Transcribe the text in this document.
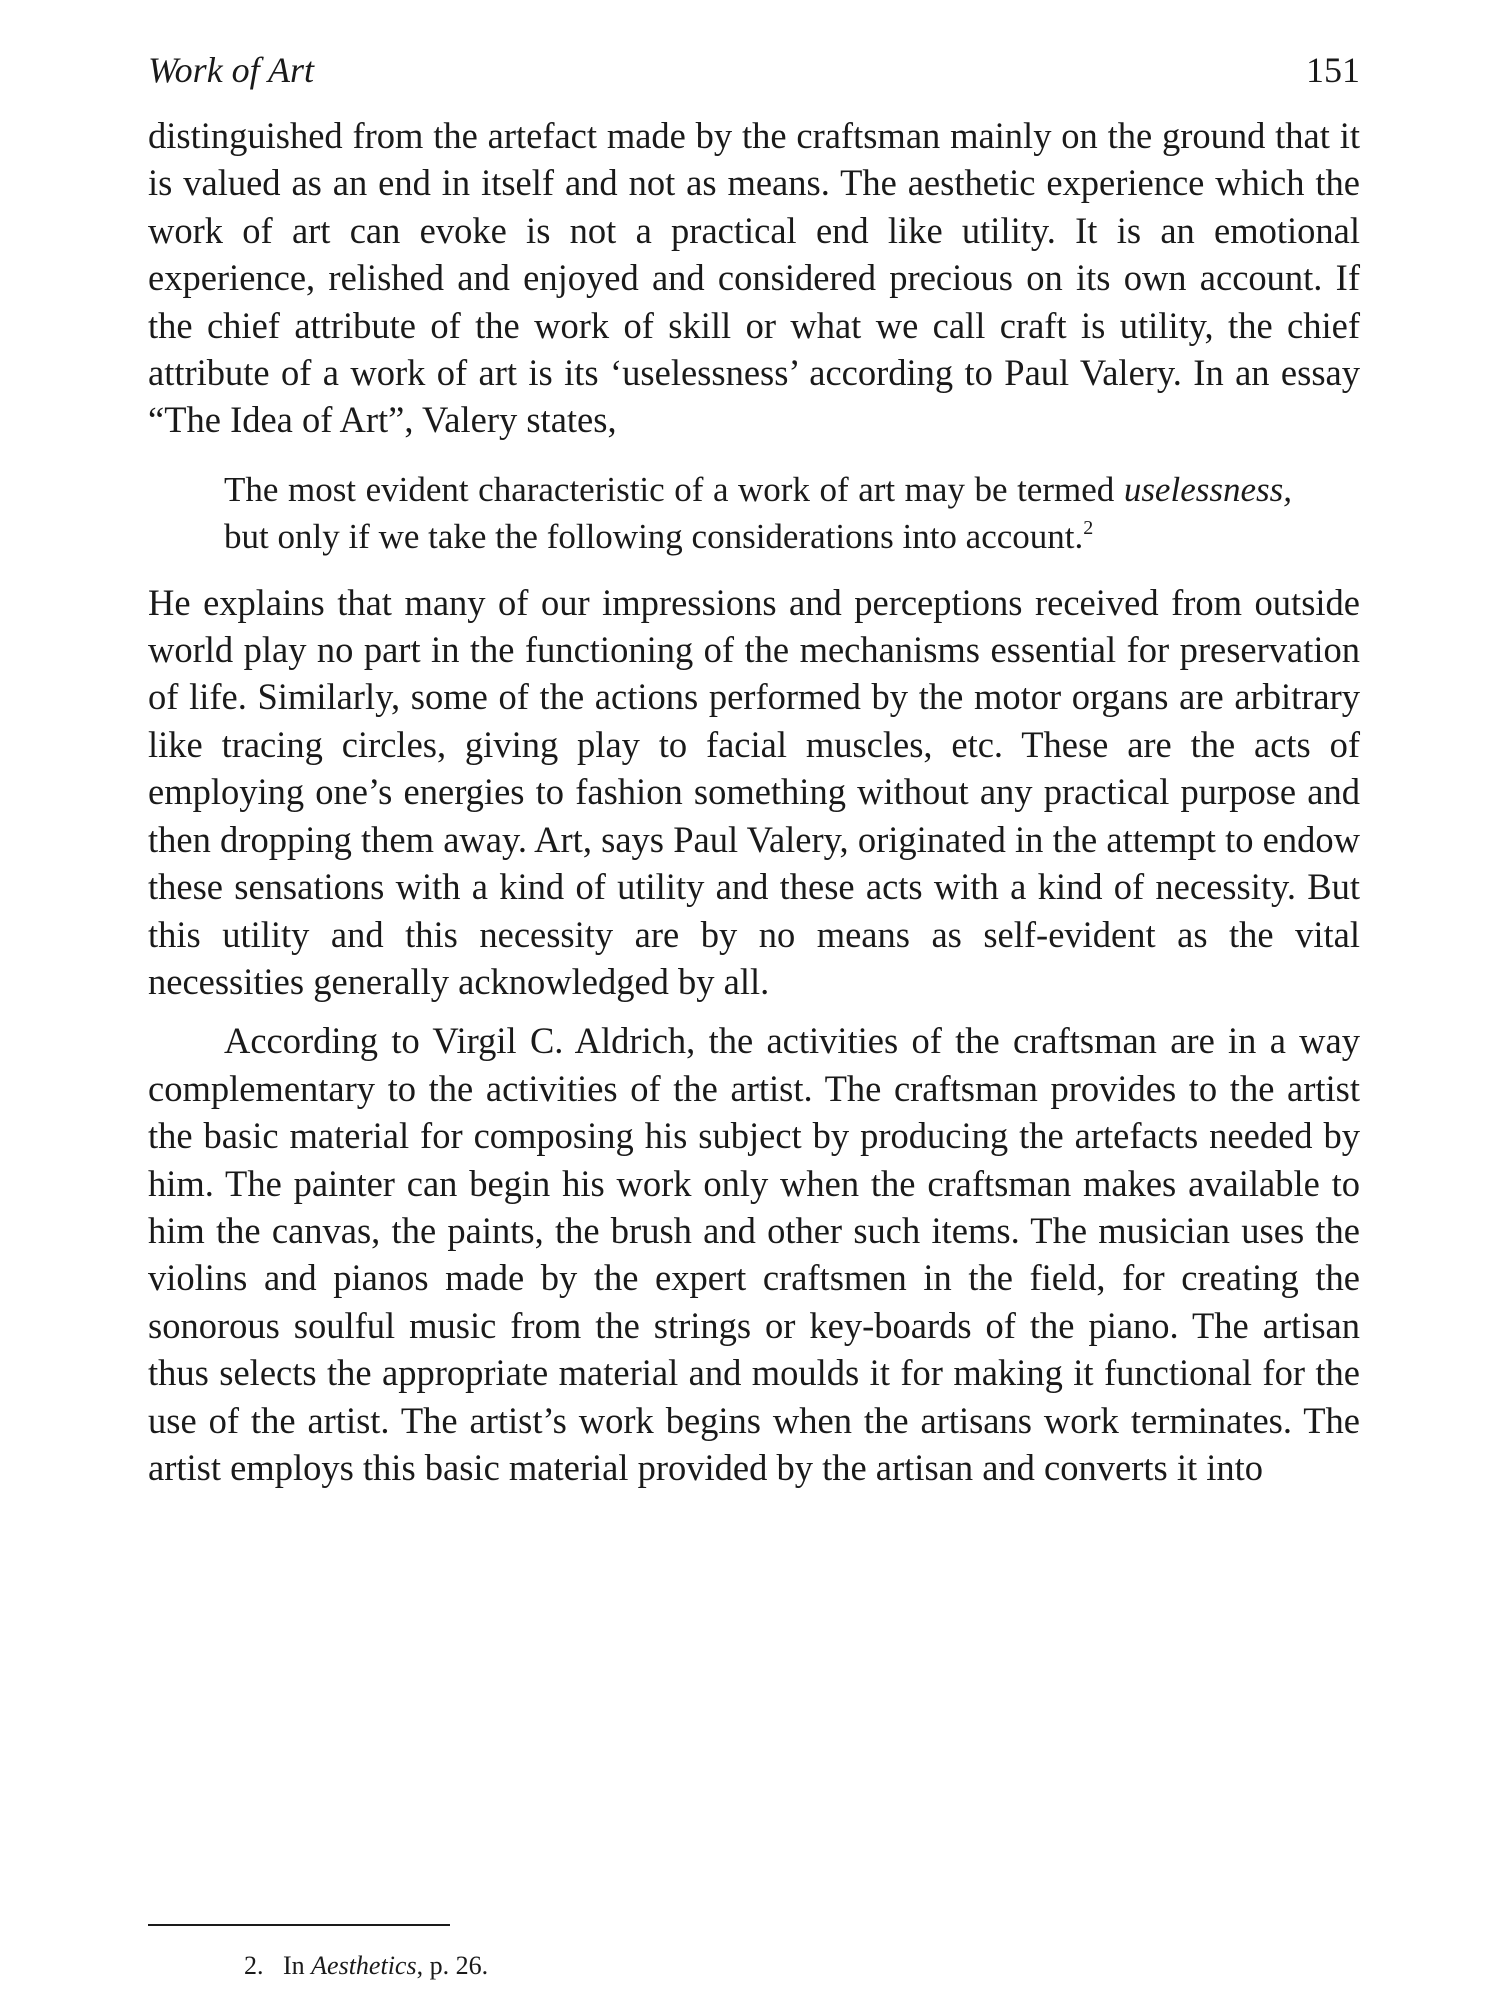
Work of Art	151

distinguished from the artefact made by the craftsman mainly on the ground that it is valued as an end in itself and not as means. The aesthetic experience which the work of art can evoke is not a practical end like utility. It is an emotional experience, relished and enjoyed and considered precious on its own account. If the chief attribute of the work of skill or what we call craft is utility, the chief attribute of a work of art is its ‘uselessness’ according to Paul Valery. In an essay “The Idea of Art”, Valery states,

The most evident characteristic of a work of art may be termed uselessness, but only if we take the following considerations into account.$^2$

He explains that many of our impressions and perceptions received from outside world play no part in the functioning of the mechanisms essential for preservation of life. Similarly, some of the actions performed by the motor organs are arbitrary like tracing circles, giving play to facial muscles, etc. These are the acts of employing one’s energies to fashion something without any practical purpose and then dropping them away. Art, says Paul Valery, originated in the attempt to endow these sensations with a kind of utility and these acts with a kind of necessity. But this utility and this necessity are by no means as self-evident as the vital necessities generally acknowledged by all.

According to Virgil C. Aldrich, the activities of the craftsman are in a way complementary to the activities of the artist. The craftsman provides to the artist the basic material for composing his subject by producing the artefacts needed by him. The painter can begin his work only when the craftsman makes available to him the canvas, the paints, the brush and other such items. The musician uses the violins and pianos made by the expert craftsmen in the field, for creating the sonorous soulful music from the strings or key-boards of the piano. The artisan thus selects the appropriate material and moulds it for making it functional for the use of the artist. The artist’s work begins when the artisans work terminates. The artist employs this basic material provided by the artisan and converts it into

2. In Aesthetics, p. 26.
